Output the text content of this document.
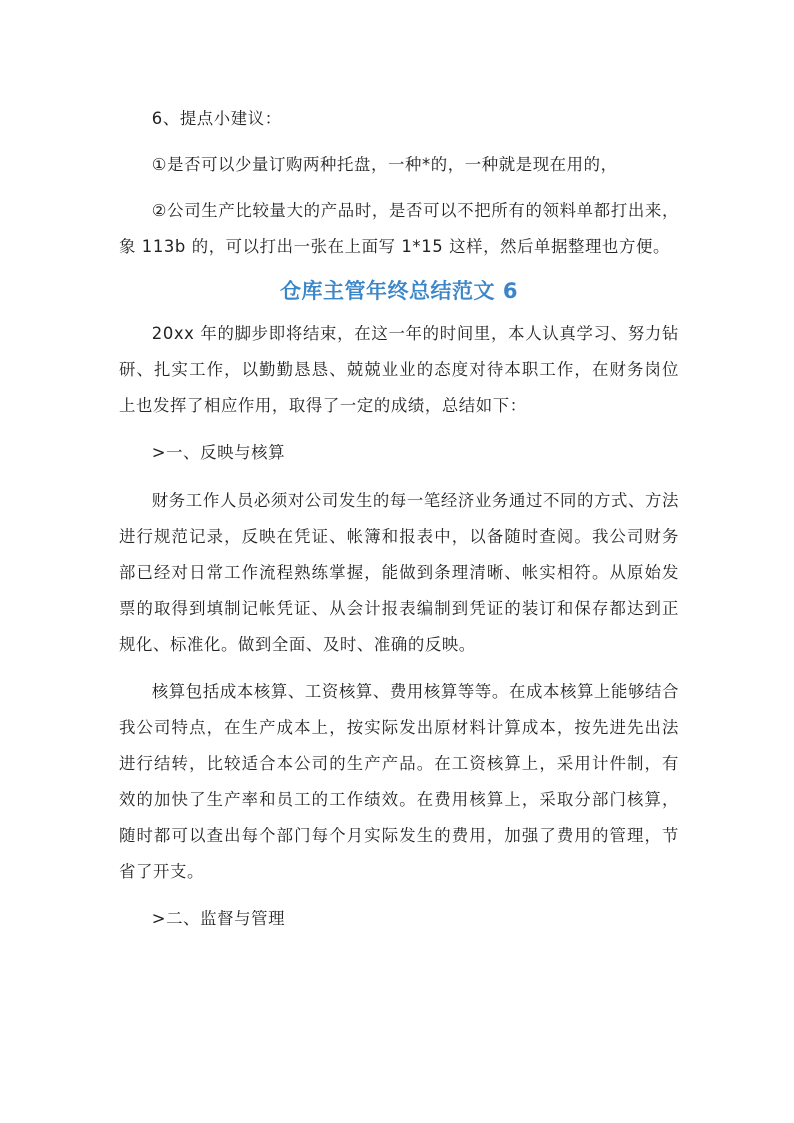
6、提点小建议：

①是否可以少量订购两种托盘，一种*的，一种就是现在用的，

②公司生产比较量大的产品时，是否可以不把所有的领料单都打出来，象 113b 的，可以打出一张在上面写 1*15 这样，然后单据整理也方便。

仓库主管年终总结范文 6

20xx 年的脚步即将结束，在这一年的时间里，本人认真学习、努力钻研、扎实工作，以勤勤恳恳、兢兢业业的态度对待本职工作，在财务岗位上也发挥了相应作用，取得了一定的成绩，总结如下：

>一、反映与核算

财务工作人员必须对公司发生的每一笔经济业务通过不同的方式、方法进行规范记录，反映在凭证、帐簿和报表中，以备随时查阅。我公司财务部已经对日常工作流程熟练掌握，能做到条理清晰、帐实相符。从原始发票的取得到填制记帐凭证、从会计报表编制到凭证的装订和保存都达到正规化、标准化。做到全面、及时、准确的反映。

核算包括成本核算、工资核算、费用核算等等。在成本核算上能够结合我公司特点，在生产成本上，按实际发出原材料计算成本，按先进先出法进行结转，比较适合本公司的生产产品。在工资核算上，采用计件制，有效的加快了生产率和员工的工作绩效。在费用核算上，采取分部门核算，随时都可以查出每个部门每个月实际发生的费用，加强了费用的管理，节省了开支。

>二、监督与管理
